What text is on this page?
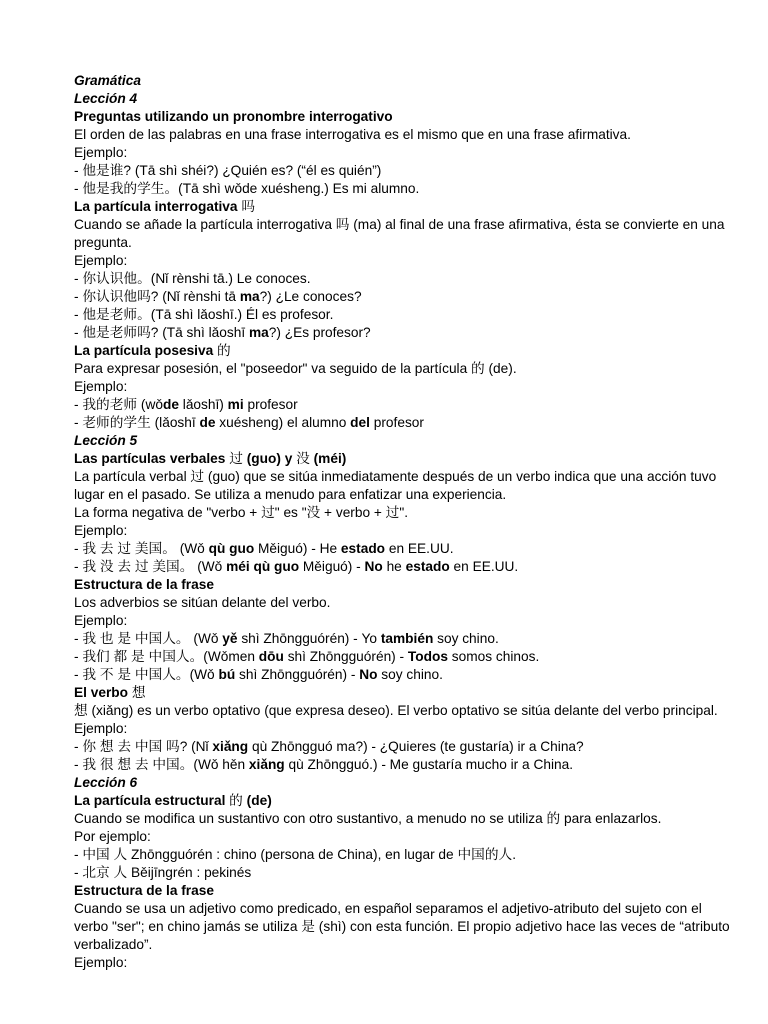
Gramática
Lección 4
Preguntas utilizando un pronombre interrogativo
El orden de las palabras en una frase interrogativa es el mismo que en una frase afirmativa.
Ejemplo:
- 他是谁? (Tā shì shéi?) ¿Quién es? (“él es quién”)
- 他是我的学生。(Tā shì wǒde xuésheng.) Es mi alumno.
La partícula interrogativa 吗
Cuando se añade la partícula interrogativa 吗 (ma) al final de una frase afirmativa, ésta se convierte en una pregunta.
Ejemplo:
- 你认识他。(Nǐ rènshi tā.) Le conoces.
- 你认识他吗? (Nǐ rènshi tā ma?) ¿Le conoces?
- 他是老师。(Tā shì lǎoshī.) Él es profesor.
- 他是老师吗? (Tā shì lǎoshī ma?) ¿Es profesor?
La partícula posesiva 的
Para expresar posesión, el "poseedor" va seguido de la partícula 的 (de).
Ejemplo:
- 我的老师 (wǒde lǎoshī) mi profesor
- 老师的学生 (lǎoshī de xuésheng) el alumno del profesor
Lección 5
Las partículas verbales 过 (guo) y 没 (méi)
La partícula verbal 过 (guo) que se sitúa inmediatamente después de un verbo indica que una acción tuvo lugar en el pasado. Se utiliza a menudo para enfatizar una experiencia.
La forma negativa de "verbo + 过" es "没 + verbo + 过".
Ejemplo:
- 我 去 过 美国。 (Wǒ qù guo Měiguó) - He estado en EE.UU.
- 我 没 去 过 美国。 (Wǒ méi qù guo Měiguó) - No he estado en EE.UU.
Estructura de la frase
Los adverbios se sitúan delante del verbo.
Ejemplo:
- 我 也 是 中国人。 (Wǒ yě shì Zhōngguórén) - Yo también soy chino.
- 我们 都 是 中国人。(Wǒmen dōu shì Zhōngguórén) - Todos somos chinos.
- 我 不 是 中国人。(Wǒ bú shì Zhōngguórén) - No soy chino.
El verbo 想
想 (xiǎng) es un verbo optativo (que expresa deseo). El verbo optativo se sitúa delante del verbo principal.
Ejemplo:
- 你 想 去 中国 吗? (Nǐ xiǎng qù Zhōngguó ma?) - ¿Quieres (te gustaría) ir a China?
- 我 很 想 去 中国。(Wǒ hěn xiǎng qù Zhōngguó.) - Me gustaría mucho ir a China.
Lección 6
La partícula estructural 的 (de)
Cuando se modifica un sustantivo con otro sustantivo, a menudo no se utiliza 的 para enlazarlos.
Por ejemplo:
- 中国 人 Zhōngguórén : chino (persona de China), en lugar de 中国的人.
- 北京 人 Běijīngrén : pekinés
Estructura de la frase
Cuando se usa un adjetivo como predicado, en español separamos el adjetivo-atributo del sujeto con el verbo "ser"; en chino jamás se utiliza 是 (shì) con esta función. El propio adjetivo hace las veces de “atributo verbalizado”.
Ejemplo:
